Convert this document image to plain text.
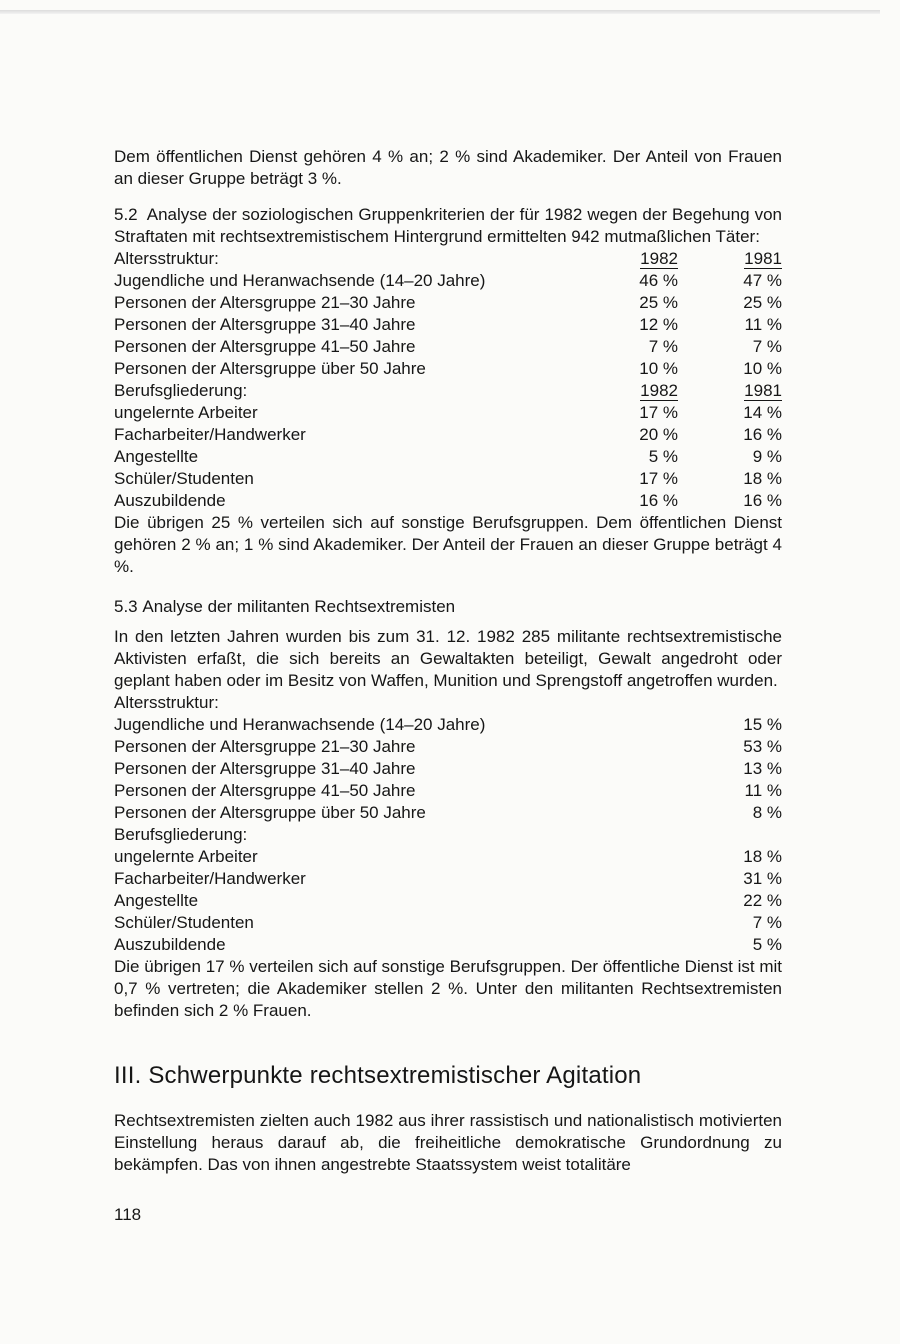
Dem öffentlichen Dienst gehören 4 % an; 2 % sind Akademiker. Der Anteil von Frauen an dieser Gruppe beträgt 3 %.

5.2 Analyse der soziologischen Gruppenkriterien der für 1982 wegen der Begehung von Straftaten mit rechtsextremistischem Hintergrund ermittelten 942 mutmaßlichen Täter:

Altersstruktur:	1982	1981
Jugendliche und Heranwachsende (14–20 Jahre)	46 %	47 %
Personen der Altersgruppe 21–30 Jahre	25 %	25 %
Personen der Altersgruppe 31–40 Jahre	12 %	11 %
Personen der Altersgruppe 41–50 Jahre	7 %	7 %
Personen der Altersgruppe über 50 Jahre	10 %	10 %
Berufsgliederung:	1982	1981
ungelernte Arbeiter	17 %	14 %
Facharbeiter/Handwerker	20 %	16 %
Angestellte	5 %	9 %
Schüler/Studenten	17 %	18 %
Auszubildende	16 %	16 %

Die übrigen 25 % verteilen sich auf sonstige Berufsgruppen. Dem öffentlichen Dienst gehören 2 % an; 1 % sind Akademiker. Der Anteil der Frauen an dieser Gruppe beträgt 4 %.

5.3 Analyse der militanten Rechtsextremisten

In den letzten Jahren wurden bis zum 31. 12. 1982 285 militante rechtsextremistische Aktivisten erfaßt, die sich bereits an Gewaltakten beteiligt, Gewalt angedroht oder geplant haben oder im Besitz von Waffen, Munition und Sprengstoff angetroffen wurden.

Altersstruktur:

Jugendliche und Heranwachsende (14–20 Jahre)	15 %
Personen der Altersgruppe 21–30 Jahre	53 %
Personen der Altersgruppe 31–40 Jahre	13 %
Personen der Altersgruppe 41–50 Jahre	11 %
Personen der Altersgruppe über 50 Jahre	8 %

Berufsgliederung:

ungelernte Arbeiter	18 %
Facharbeiter/Handwerker	31 %
Angestellte	22 %
Schüler/Studenten	7 %
Auszubildende	5 %

Die übrigen 17 % verteilen sich auf sonstige Berufsgruppen. Der öffentliche Dienst ist mit 0,7 % vertreten; die Akademiker stellen 2 %. Unter den militanten Rechtsextremisten befinden sich 2 % Frauen.

III. Schwerpunkte rechtsextremistischer Agitation

Rechtsextremisten zielten auch 1982 aus ihrer rassistisch und nationalistisch motivierten Einstellung heraus darauf ab, die freiheitliche demokratische Grundordnung zu bekämpfen. Das von ihnen angestrebte Staatssystem weist totalitäre

118
